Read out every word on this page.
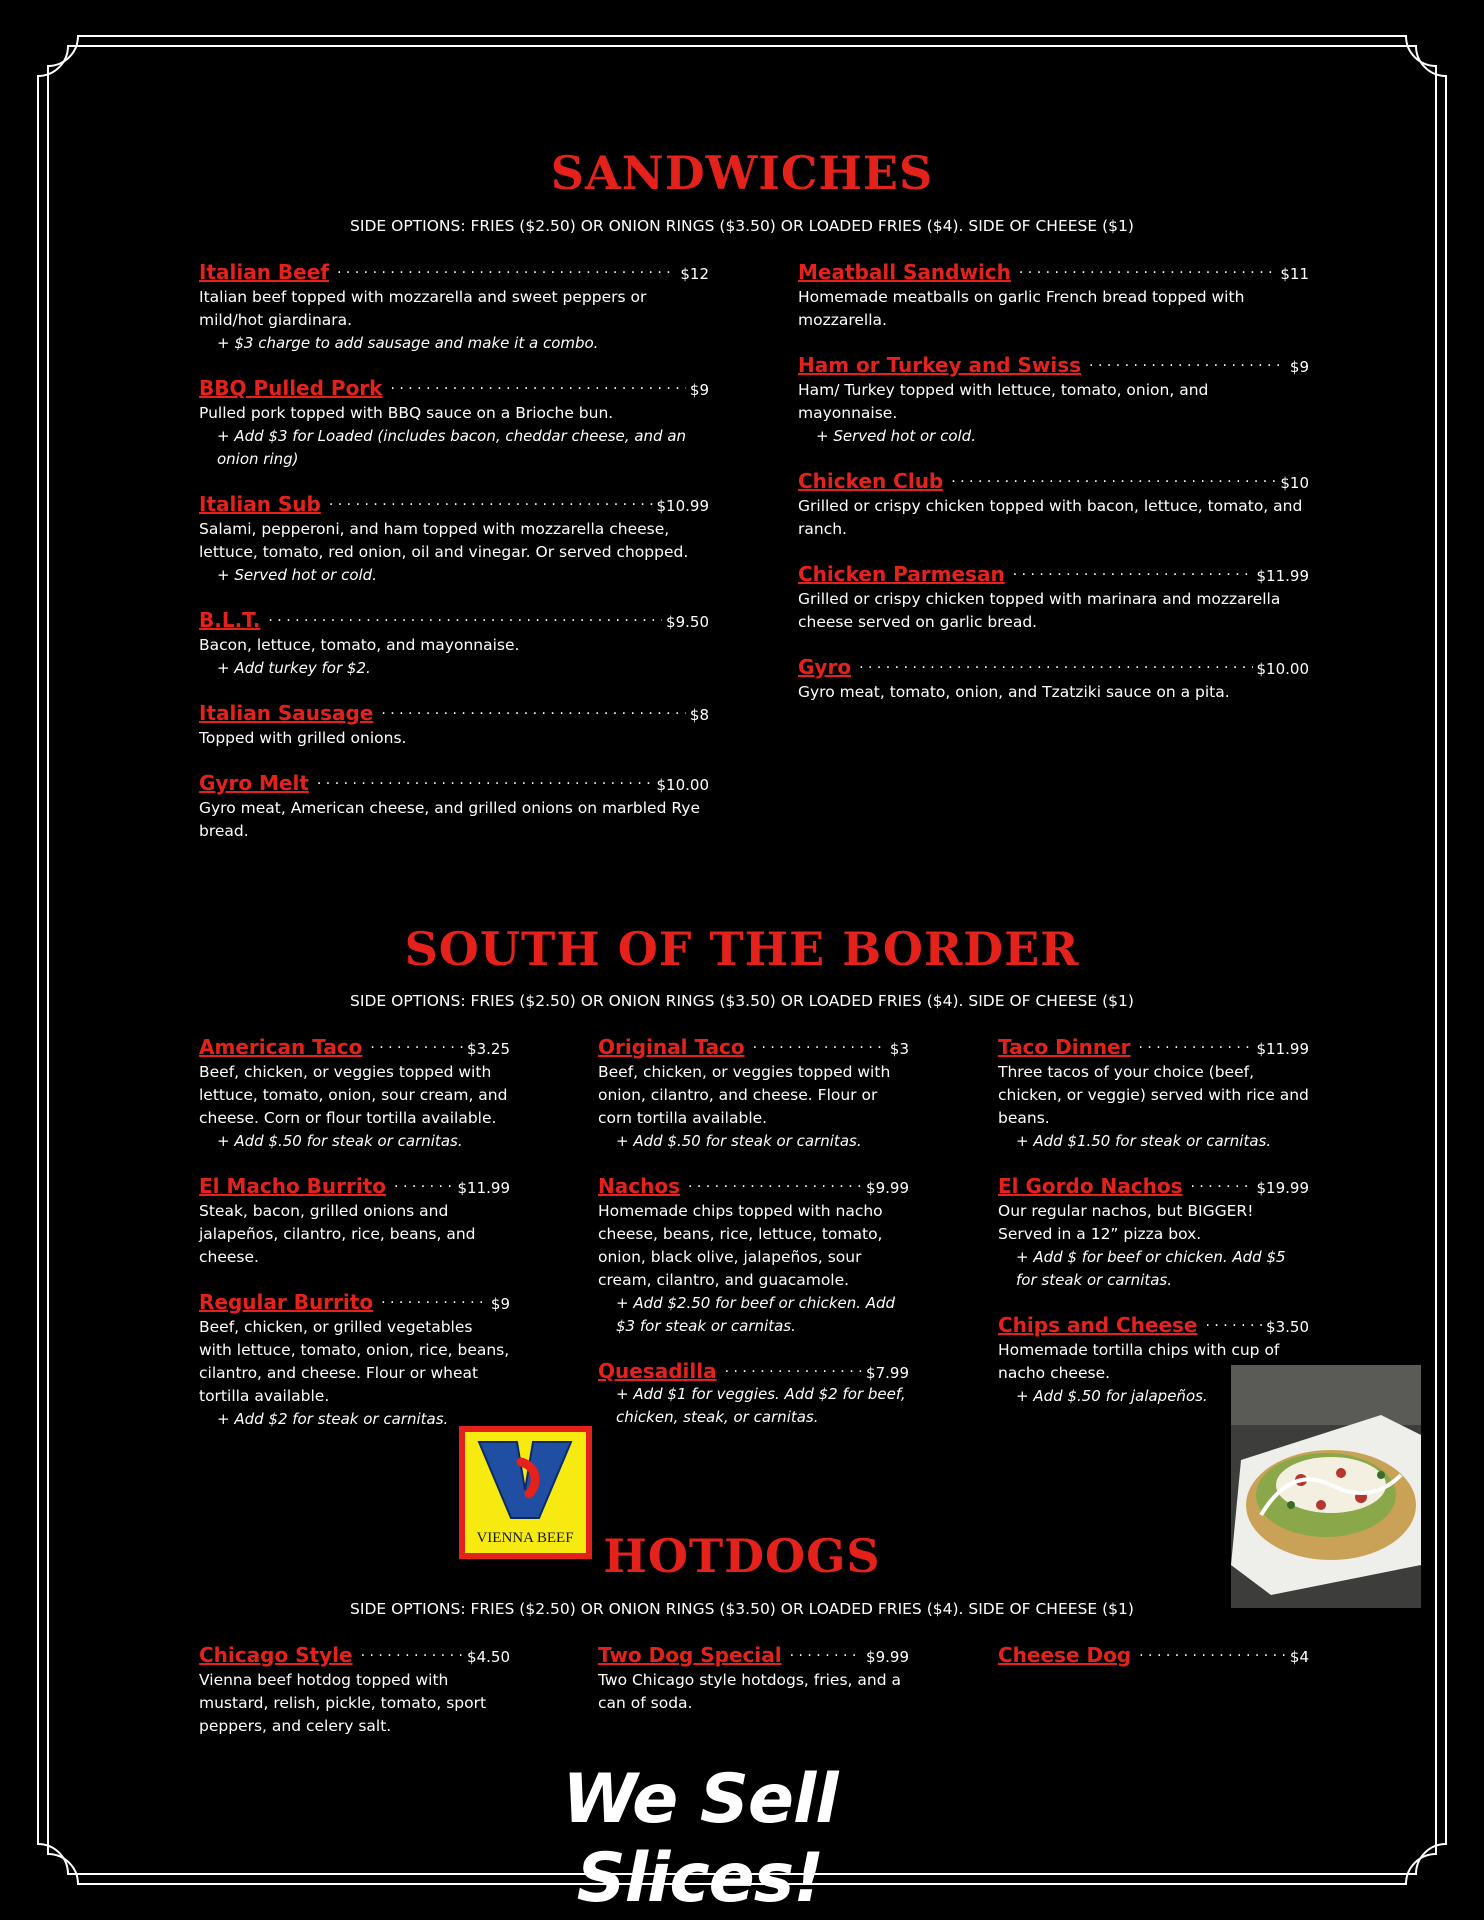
SANDWICHES

SIDE OPTIONS: FRIES ($2.50) OR ONION RINGS ($3.50) OR LOADED FRIES ($4). SIDE OF CHEESE ($1)

Italian Beef . . .	$12
Italian beef topped with mozzarella and sweet peppers or mild/hot giardinara.
+ $3 charge to add sausage and make it a combo.
BBQ Pulled Pork . . .	$9
Pulled pork topped with BBQ sauce on a Brioche bun.
+ Add $3 for Loaded (includes bacon, cheddar cheese, and an onion ring)
Italian Sub . . .	$10.99
Salami, pepperoni, and ham topped with mozzarella cheese, lettuce, tomato, red onion, oil and vinegar. Or served chopped.
+ Served hot or cold.
B.L.T. . . .	$9.50
Bacon, lettuce, tomato, and mayonnaise.
+ Add turkey for $2.
Italian Sausage . . .	$8
Topped with grilled onions.
Gyro Melt . . .	$10.00
Gyro meat, American cheese, and grilled onions on marbled Rye bread.
Meatball Sandwich . . .	$11
Homemade meatballs on garlic French bread topped with mozzarella.
Ham or Turkey and Swiss . . .	$9
Ham/ Turkey topped with lettuce, tomato, onion, and mayonnaise.
+ Served hot or cold.
Chicken Club . . .	$10
Grilled or crispy chicken topped with bacon, lettuce, tomato, and ranch.
Chicken Parmesan . . .	$11.99
Grilled or crispy chicken topped with marinara and mozzarella cheese served on garlic bread.
Gyro . . .	$10.00
Gyro meat, tomato, onion, and Tzatziki sauce on a pita.
SOUTH OF THE BORDER

SIDE OPTIONS: FRIES ($2.50) OR ONION RINGS ($3.50) OR LOADED FRIES ($4). SIDE OF CHEESE ($1)

American Taco . . .	$3.25
Beef, chicken, or veggies topped with lettuce, tomato, onion, sour cream, and cheese. Corn or flour tortilla available.
+ Add $.50 for steak or carnitas.
El Macho Burrito . . .	$11.99
Steak, bacon, grilled onions and jalapeños, cilantro, rice, beans, and cheese.
Regular Burrito . . .	$9
Beef, chicken, or grilled vegetables with lettuce, tomato, onion, rice, beans, cilantro, and cheese. Flour or wheat tortilla available.
+ Add $2 for steak or carnitas.
Original Taco . . .	$3
Beef, chicken, or veggies topped with onion, cilantro, and cheese. Flour or corn tortilla available.
+ Add $.50 for steak or carnitas.
Nachos . . .	$9.99
Homemade chips topped with nacho cheese, beans, rice, lettuce, tomato, onion, black olive, jalapeños, sour cream, cilantro, and guacamole.
+ Add $2.50 for beef or chicken. Add $3 for steak or carnitas.
Quesadilla . . .	$7.99
+ Add $1 for veggies. Add $2 for beef, chicken, steak, or carnitas.
Taco Dinner . . .	$11.99
Three tacos of your choice (beef, chicken, or veggie) served with rice and beans.
+ Add $1.50 for steak or carnitas.
El Gordo Nachos . . .	$19.99
Our regular nachos, but BIGGER! Served in a 12” pizza box.
+ Add $ for beef or chicken. Add $5 for steak or carnitas.
Chips and Cheese . . .	$3.50
Homemade tortilla chips with cup of nacho cheese.
+ Add $.50 for jalapeños.
VIENNA BEEF HOTDOGS

SIDE OPTIONS: FRIES ($2.50) OR ONION RINGS ($3.50) OR LOADED FRIES ($4). SIDE OF CHEESE ($1)

Chicago Style . . .	$4.50
Vienna beef hotdog topped with mustard, relish, pickle, tomato, sport peppers, and celery salt.
Two Dog Special . . .	$9.99
Two Chicago style hotdogs, fries, and a can of soda.
Cheese Dog . . .	$4

We Sell Slices!
